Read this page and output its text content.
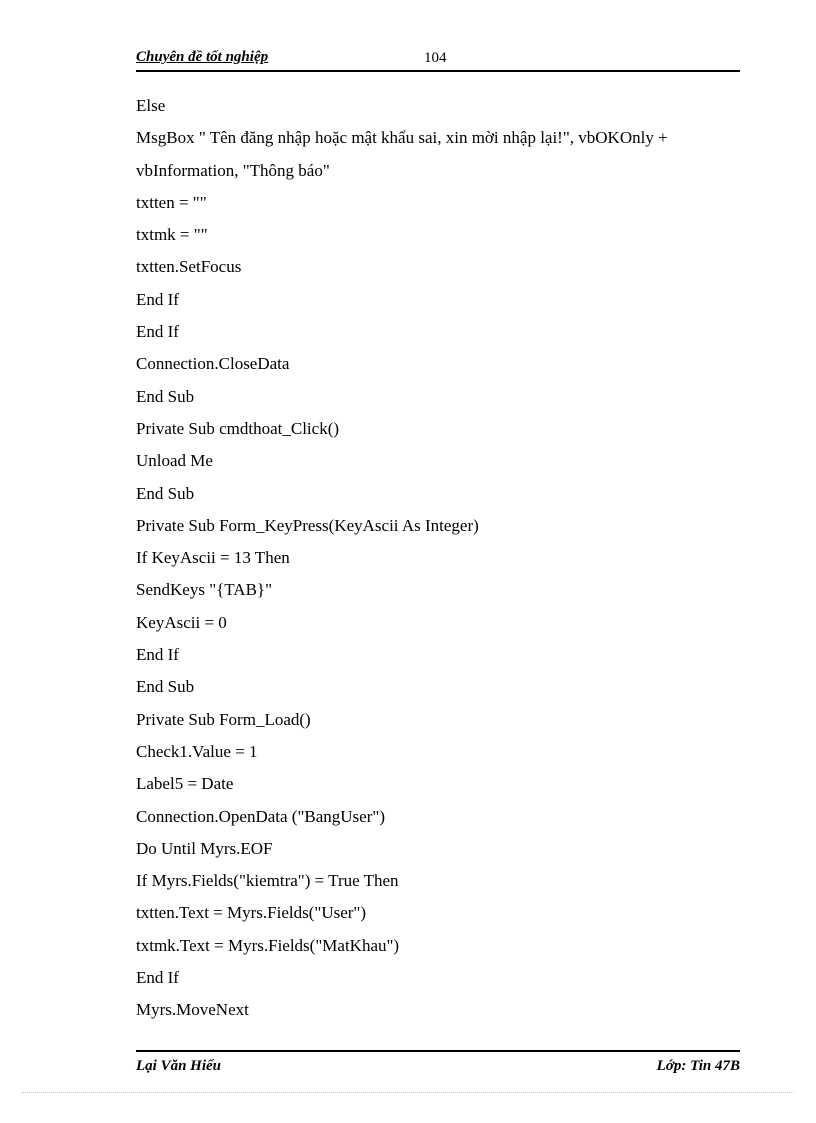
Chuyên đề tốt nghiệp	104
Else
MsgBox " Tên đăng nhập hoặc mật khẩu sai, xin mời nhập lại!", vbOKOnly +
vbInformation, "Thông báo"
txtten = ""
txtmk = ""
txtten.SetFocus
End If
End If
Connection.CloseData
End Sub
Private Sub cmdthoat_Click()
Unload Me
End Sub
Private Sub Form_KeyPress(KeyAscii As Integer)
If KeyAscii = 13 Then
SendKeys "{TAB}"
KeyAscii = 0
End If
End Sub
Private Sub Form_Load()
Check1.Value = 1
Label5 = Date
Connection.OpenData ("BangUser")
Do Until Myrs.EOF
If Myrs.Fields("kiemtra") = True Then
txtten.Text = Myrs.Fields("User")
txtmk.Text = Myrs.Fields("MatKhau")
End If
Myrs.MoveNext
Lại Văn Hiếu	Lớp: Tin 47B
